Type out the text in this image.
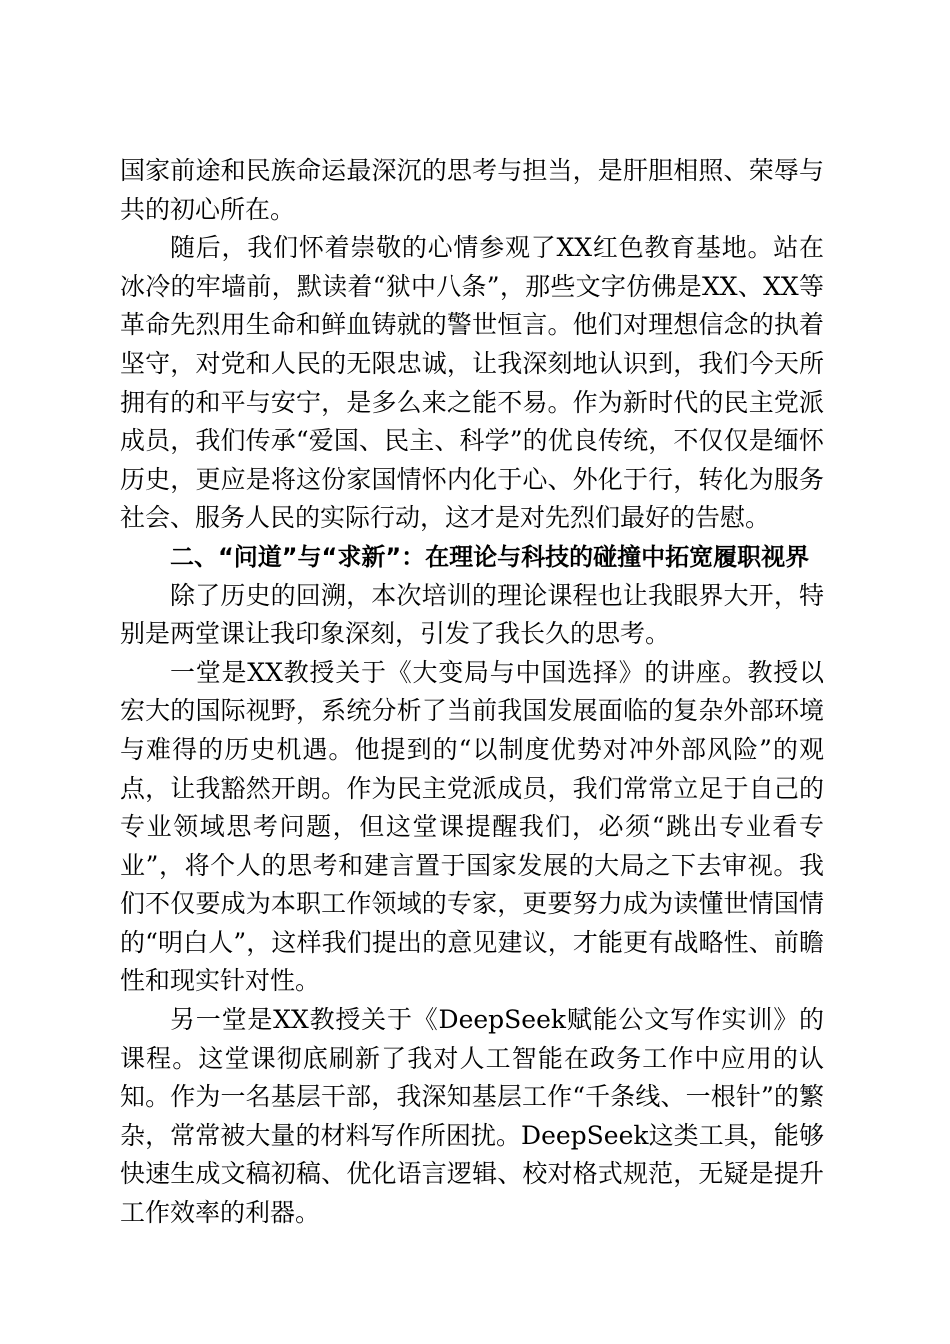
国家前途和民族命运最深沉的思考与担当，是肝胆相照、荣辱与共的初心所在。

随后，我们怀着崇敬的心情参观了XX红色教育基地。站在冰冷的牢墙前，默读着“狱中八条”，那些文字仿佛是XX、XX等革命先烈用生命和鲜血铸就的警世恒言。他们对理想信念的执着坚守，对党和人民的无限忠诚，让我深刻地认识到，我们今天所拥有的和平与安宁，是多么来之能不易。作为新时代的民主党派成员，我们传承“爱国、民主、科学”的优良传统，不仅仅是缅怀历史，更应是将这份家国情怀内化于心、外化于行，转化为服务社会、服务人民的实际行动，这才是对先烈们最好的告慰。

二、“问道”与“求新”：在理论与科技的碰撞中拓宽履职视界

除了历史的回溯，本次培训的理论课程也让我眼界大开，特别是两堂课让我印象深刻，引发了我长久的思考。

一堂是XX教授关于《大变局与中国选择》的讲座。教授以宏大的国际视野，系统分析了当前我国发展面临的复杂外部环境与难得的历史机遇。他提到的“以制度优势对冲外部风险”的观点，让我豁然开朗。作为民主党派成员，我们常常立足于自己的专业领域思考问题，但这堂课提醒我们，必须“跳出专业看专业”，将个人的思考和建言置于国家发展的大局之下去审视。我们不仅要成为本职工作领域的专家，更要努力成为读懂世情国情的“明白人”，这样我们提出的意见建议，才能更有战略性、前瞻性和现实针对性。

另一堂是XX教授关于《DeepSeek赋能公文写作实训》的课程。这堂课彻底刷新了我对人工智能在政务工作中应用的认知。作为一名基层干部，我深知基层工作“千条线、一根针”的繁杂，常常被大量的材料写作所困扰。DeepSeek这类工具，能够快速生成文稿初稿、优化语言逻辑、校对格式规范，无疑是提升工作效率的利器。
